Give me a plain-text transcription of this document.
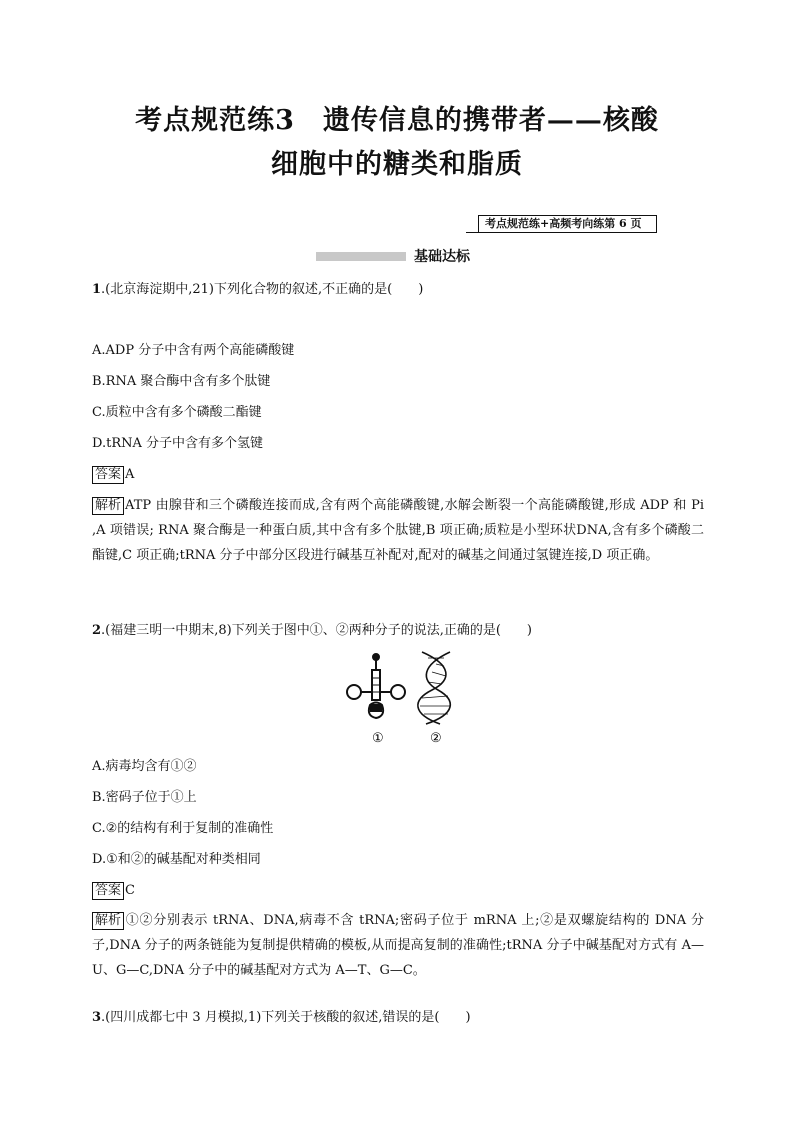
考点规范练3　遗传信息的携带者——核酸
细胞中的糖类和脂质
考点规范练+高频考向练第 6 页
基础达标
1.(北京海淀期中,21)下列化合物的叙述,不正确的是(　　)
A.ADP 分子中含有两个高能磷酸键
B.RNA 聚合酶中含有多个肽键
C.质粒中含有多个磷酸二酯键
D.tRNA 分子中含有多个氢键
答案 A
解析 ATP 由腺苷和三个磷酸连接而成,含有两个高能磷酸键,水解会断裂一个高能磷酸键,形成 ADP 和 Pi ,A 项错误; RNA 聚合酶是一种蛋白质,其中含有多个肽键,B 项正确;质粒是小型环状DNA,含有多个磷酸二酯键,C 项正确;tRNA 分子中部分区段进行碱基互补配对,配对的碱基之间通过氢键连接,D 项正确。
2.(福建三明一中期末,8)下列关于图中①、②两种分子的说法,正确的是(　　)
①	②
A.病毒均含有①②
B.密码子位于①上
C.②的结构有利于复制的准确性
D.①和②的碱基配对种类相同
答案 C
解析 ①②分别表示 tRNA、DNA,病毒不含 tRNA;密码子位于 mRNA 上;②是双螺旋结构的 DNA 分子,DNA 分子的两条链能为复制提供精确的模板,从而提高复制的准确性;tRNA 分子中碱基配对方式有 A—U、G—C,DNA 分子中的碱基配对方式为 A—T、G—C。
3.(四川成都七中 3 月模拟,1)下列关于核酸的叙述,错误的是(　　)
